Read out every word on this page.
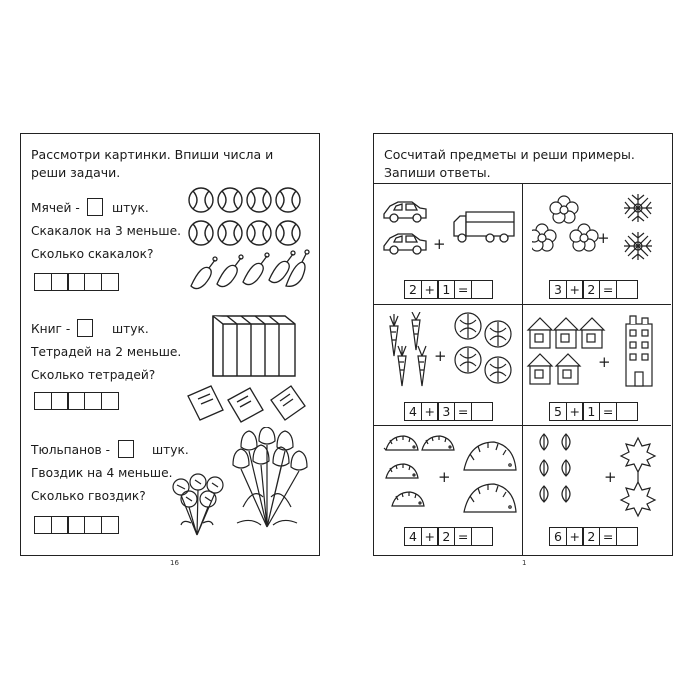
Рассмотри картинки. Впиши числа и реши задачи.
Мячей -	штук.
Скакалок на 3 меньше.
Сколько скакалок?
Книг -	штук.
Тетрадей на 2 меньше.
Сколько тетрадей?
Тюльпанов -	штук.
Гвоздик на 4 меньше.
Сколько гвоздик?
16
Сосчитай предметы и реши примеры. Запиши ответы.
+
2 + 1 =
+
3 + 2 =
+
4 + 3 =
+
5 + 1 =
+
4 + 2 =
+
6 + 2 =
1
